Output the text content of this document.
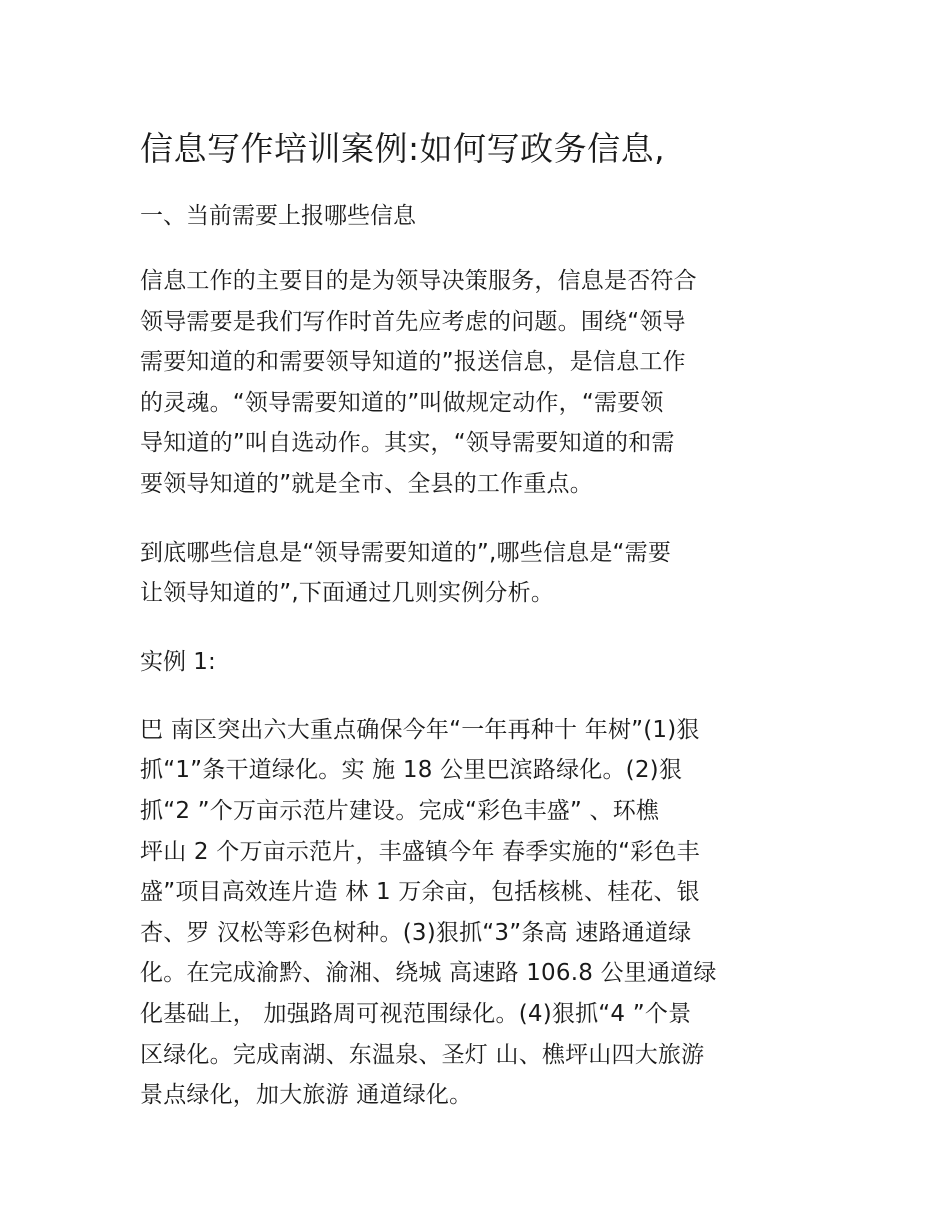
信息写作培训案例:如何写政务信息,
一、当前需要上报哪些信息
信息工作的主要目的是为领导决策服务，信息是否符合
领导需要是我们写作时首先应考虑的问题。围绕“领导
需要知道的和需要领导知道的”报送信息，是信息工作
的灵魂。“领导需要知道的”叫做规定动作，“需要领
导知道的”叫自选动作。其实，“领导需要知道的和需
要领导知道的”就是全市、全县的工作重点。
到底哪些信息是“领导需要知道的”,哪些信息是“需要
让领导知道的”,下面通过几则实例分析。
实例 1:
巴 南区突出六大重点确保今年“一年再种十 年树”(1)狠
抓“1”条干道绿化。实 施 18 公里巴滨路绿化。(2)狠
抓“2 ”个万亩示范片建设。完成“彩色丰盛” 、环樵
坪山 2 个万亩示范片，丰盛镇今年 春季实施的“彩色丰
盛”项目高效连片造 林 1 万余亩，包括核桃、桂花、银
杏、罗 汉松等彩色树种。(3)狠抓“3”条高 速路通道绿
化。在完成渝黔、渝湘、绕城 高速路 106.8 公里通道绿
化基础上， 加强路周可视范围绿化。(4)狠抓“4 ”个景
区绿化。完成南湖、东温泉、圣灯 山、樵坪山四大旅游
景点绿化，加大旅游 通道绿化。
